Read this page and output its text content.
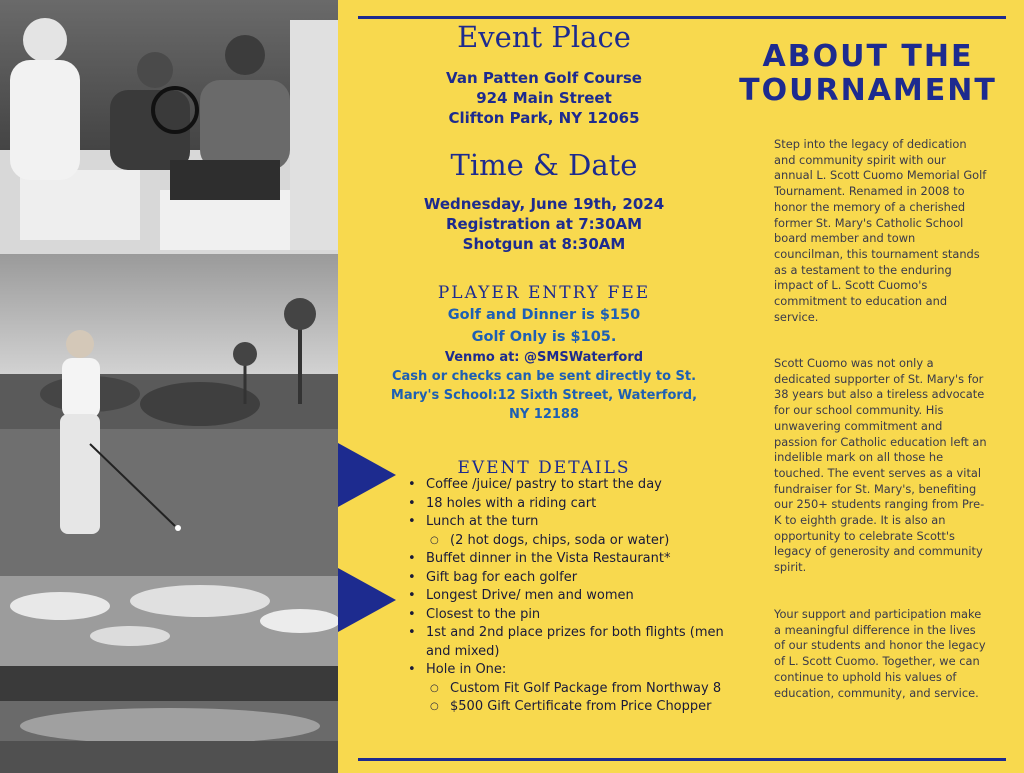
Event Place
Van Patten Golf Course
924 Main Street
Clifton Park, NY 12065
Time & Date
Wednesday, June 19th, 2024
Registration at 7:30AM
Shotgun at 8:30AM
PLAYER ENTRY FEE
Golf and Dinner is $150
Golf Only is $105.
Venmo at: @SMSWaterford
Cash or checks can be sent directly to St.
Mary's School:12 Sixth Street, Waterford,
NY 12188
EVENT DETAILS
• Coffee /juice/ pastry to start the day
• 18 holes with a riding cart
• Lunch at the turn
○ (2 hot dogs, chips, soda or water)
• Buffet dinner in the Vista Restaurant*
• Gift bag for each golfer
• Longest Drive/ men and women
• Closest to the pin
• 1st and 2nd place prizes for both flights (men and mixed)
• Hole in One:
○ Custom Fit Golf Package from Northway 8
○ $500 Gift Certificate from Price Chopper
ABOUT THE
TOURNAMENT

Step into the legacy of dedication and community spirit with our annual L. Scott Cuomo Memorial Golf Tournament. Renamed in 2008 to honor the memory of a cherished former St. Mary's Catholic School board member and town councilman, this tournament stands as a testament to the enduring impact of L. Scott Cuomo's commitment to education and service.

Scott Cuomo was not only a dedicated supporter of St. Mary's for 38 years but also a tireless advocate for our school community. His unwavering commitment and passion for Catholic education left an indelible mark on all those he touched. The event serves as a vital fundraiser for St. Mary's, benefiting our 250+ students ranging from Pre-K to eighth grade. It is also an opportunity to celebrate Scott's legacy of generosity and community spirit.

Your support and participation make a meaningful difference in the lives of our students and honor the legacy of L. Scott Cuomo. Together, we can continue to uphold his values of education, community, and service.
